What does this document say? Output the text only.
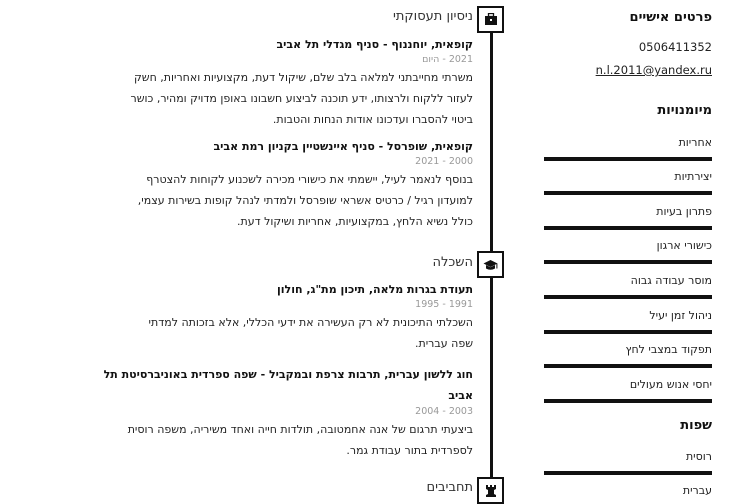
ניסיון תעסוקתי
קופאית, יוחננוף - סניף מגדלי תל אביב
2021 - היום
משרתי מחייבתני למלאה בלב שלם, שיקול דעת, מקצועיות ואחריות, חשק
לעזור ללקוח ולרצותו, ידע תוכנה לביצוע חשבונו באופן מדויק ומהיר, כושר
ביטוי להסברו ועדכונו אודות הנחות והטבות.
קופאית, שופרסל - סניף איינשטיין בקניון רמת אביב
2000 - 2021
בנוסף לנאמר לעיל, יישמתי את כישורי מכירה לשכנוע לקוחות להצטרף
למועדון רגיל / כרטיס אשראי שופרסל ולמדתי לנהל קופות בשירות עצמי,
כולל נשיא הלחץ, במקצועיות, אחריות ושיקול דעת.
השכלה
תעודת בגרות מלאה, תיכון מת"ג, חולון
1991 - 1995
השכלתי התיכונית לא רק העשירה את ידעי הכללי, אלא בזכותה למדתי
שפה עברית.
חוג ללשון עברית, תרבות צרפת ובמקביל - שפה ספרדית באוניברסיטת תל
אביב
2003 - 2004
ביצעתי תרגום של אנה אחמטובה, תולדות חייה ואחד משיריה, משפה רוסית
לספרדית בתור עבודת גמר.
תחביבים
פרטים אישיים
0506411352
n.l.2011@yandex.ru
מיומנויות
אחריות
יצירתיות
פתרון בעיות
כישורי ארגון
מוסר עבודה גבוה
ניהול זמן יעיל
תפקוד במצבי לחץ
יחסי אנוש מעולים
שפות
רוסית
עברית
